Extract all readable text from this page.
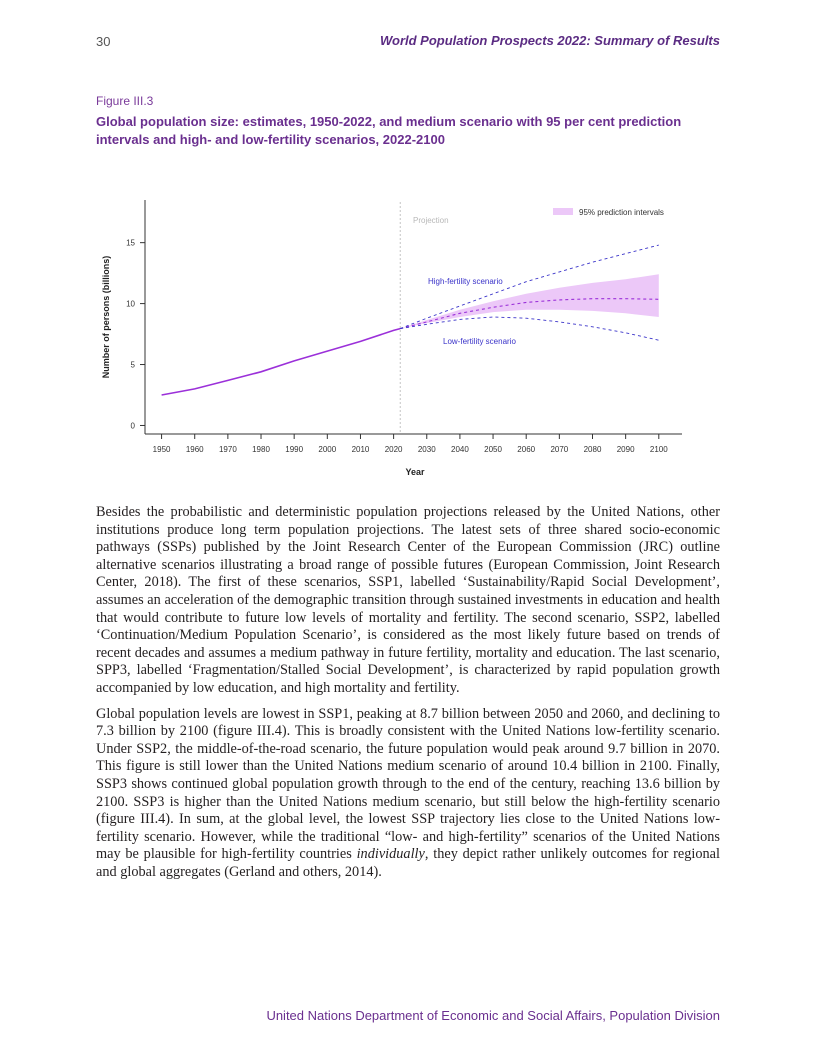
30	World Population Prospects 2022: Summary of Results
Figure III.3
Global population size: estimates, 1950-2022, and medium scenario with 95 per cent prediction intervals and high- and low-fertility scenarios, 2022-2100
0
5
10
15
1950 1960 1970 1980 1990 2000 2010 2020 2030 2040 2050 2060 2070 2080 2090 2100
Number of persons (billions)
Year
Projection
95% prediction intervals
High-fertility scenario
Low-fertility scenario

Besides the probabilistic and deterministic population projections released by the United Nations, other institutions produce long term population projections. The latest sets of three shared socio-economic pathways (SSPs) published by the Joint Research Center of the European Commission (JRC) outline alternative scenarios illustrating a broad range of possible futures (European Commission, Joint Research Center, 2018). The first of these scenarios, SSP1, labelled ‘Sustainability/Rapid Social Development’, assumes an acceleration of the demographic transition through sustained investments in education and health that would contribute to future low levels of mortality and fertility. The second scenario, SSP2, labelled ‘Continuation/Medium Population Scenario’, is considered as the most likely future based on trends of recent decades and assumes a medium pathway in future fertility, mortality and education. The last scenario, SPP3, labelled ‘Fragmentation/Stalled Social Development’, is characterized by rapid population growth accompanied by low education, and high mortality and fertility.

Global population levels are lowest in SSP1, peaking at 8.7 billion between 2050 and 2060, and declining to 7.3 billion by 2100 (figure III.4). This is broadly consistent with the United Nations low-fertility scenario. Under SSP2, the middle-of-the-road scenario, the future population would peak around 9.7 billion in 2070. This figure is still lower than the United Nations medium scenario of around 10.4 billion in 2100. Finally, SSP3 shows continued global population growth through to the end of the century, reaching 13.6 billion by 2100. SSP3 is higher than the United Nations medium scenario, but still below the high-fertility scenario (figure III.4). In sum, at the global level, the lowest SSP trajectory lies close to the United Nations low-fertility scenario. However, while the traditional “low- and high-fertility” scenarios of the United Nations may be plausible for high-fertility countries individually, they depict rather unlikely outcomes for regional and global aggregates (Gerland and others, 2014).

United Nations Department of Economic and Social Affairs, Population Division
